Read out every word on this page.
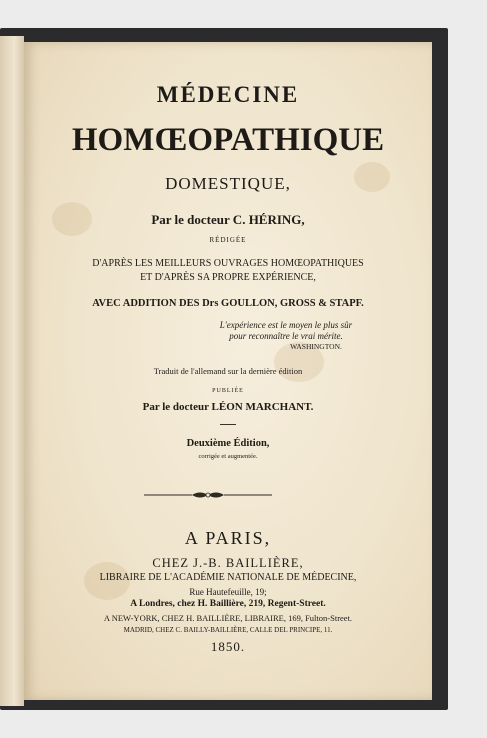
MÉDECINE
HOMŒOPATHIQUE
DOMESTIQUE,
Par le docteur C. HÉRING,
RÉDIGÉE
D'APRÈS LES MEILLEURS OUVRAGES HOMŒOPATHIQUES
ET D'APRÈS SA PROPRE EXPÉRIENCE,
AVEC ADDITION DES Drs GOULLON, GROSS & STAPF.
L'expérience est le moyen le plus sûr
pour reconnaître le vrai mérite.
WASHINGTON.
Traduit de l'allemand sur la dernière édition
PUBLIÉE
Par le docteur LÉON MARCHANT.
Deuxième Édition,
corrigée et augmentée.
A PARIS,
CHEZ J.-B. BAILLIÈRE,
LIBRAIRE DE L'ACADÉMIE NATIONALE DE MÉDECINE,
Rue Hautefeuille, 19;
A Londres, chez H. Baillière, 219, Regent-Street.
A NEW-YORK, CHEZ H. BAILLIÈRE, LIBRAIRE, 169, Fulton-Street.
MADRID, CHEZ C. BAILLY-BAILLIÈRE, CALLE DEL PRINCIPE, 11.
1850.
